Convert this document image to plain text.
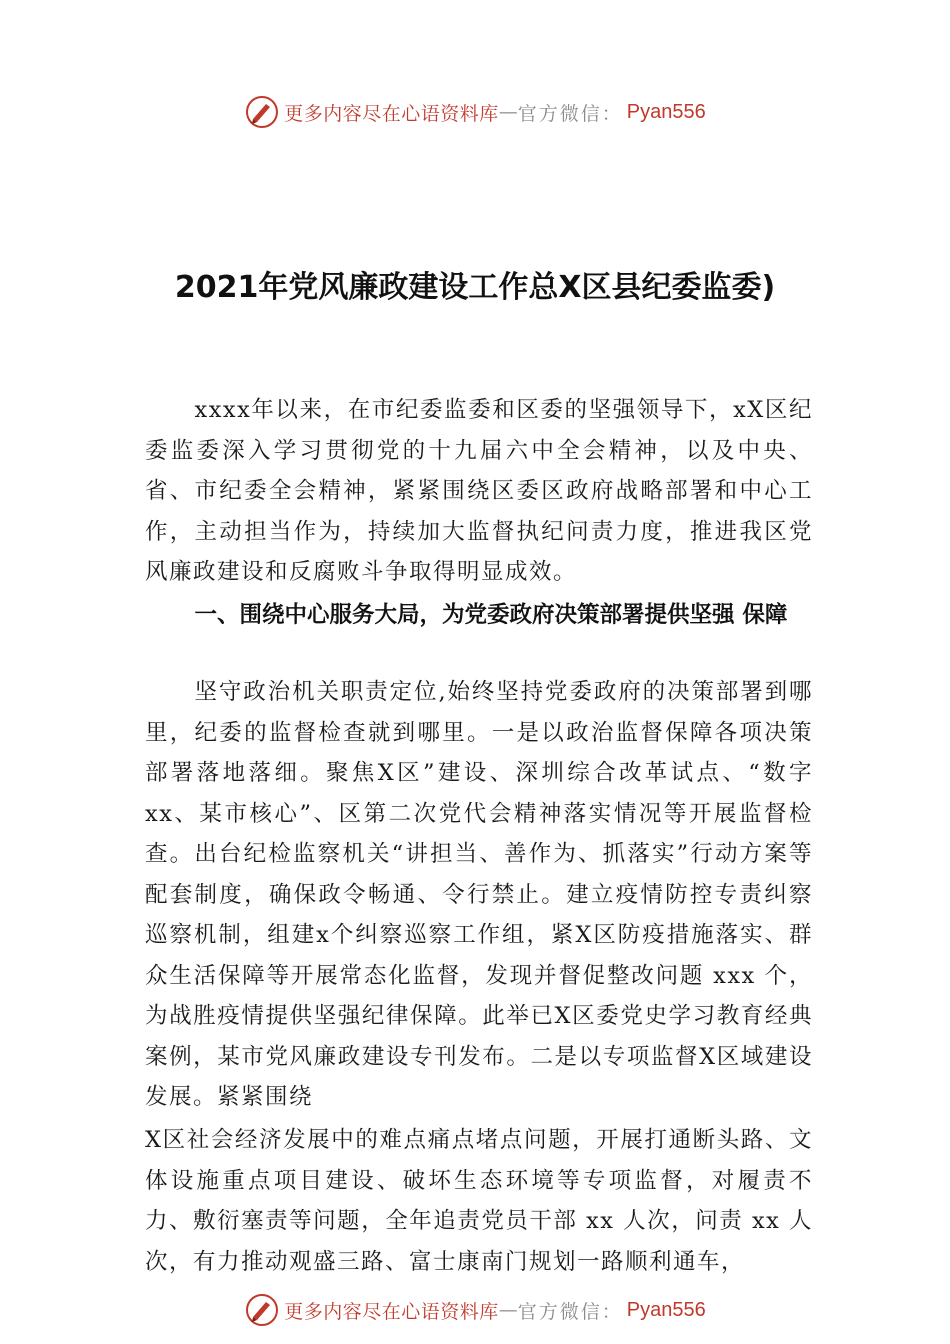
更多内容尽在心语资料库 — 官方微信： Pyan556
2021年党风廉政建设工作总X区县纪委监委)

xxxx年以来，在市纪委监委和区委的坚强领导下，xX区纪委监委深入学习贯彻党的十九届六中全会精神，以及中央、省、市纪委全会精神，紧紧围绕区委区政府战略部署和中心工作，主动担当作为，持续加大监督执纪问责力度，推进我区党风廉政建设和反腐败斗争取得明显成效。

一、围绕中心服务大局，为党委政府决策部署提供坚强 保障

坚守政治机关职责定位,始终坚持党委政府的决策部署到哪里，纪委的监督检查就到哪里。一是以政治监督保障各项决策部署落地落细。聚焦X区”建设、深圳综合改革试点、“数字xx、某市核心”、区第二次党代会精神落实情况等开展监督检查。出台纪检监察机关“讲担当、善作为、抓落实”行动方案等配套制度，确保政令畅通、令行禁止。建立疫情防控专责纠察巡察机制，组建x个纠察巡察工作组，紧X区防疫措施落实、群众生活保障等开展常态化监督，发现并督促整改问题 xxx 个，为战胜疫情提供坚强纪律保障。此举已X区委党史学习教育经典案例，某市党风廉政建设专刊发布。二是以专项监督X区域建设发展。紧紧围绕

X区社会经济发展中的难点痛点堵点问题，开展打通断头路、文体设施重点项目建设、破坏生态环境等专项监督，对履责不力、敷衍塞责等问题，全年追责党员干部 xx 人次，问责 xx 人次，有力推动观盛三路、富士康南门规划一路顺利通车，

更多内容尽在心语资料库 — 官方微信： Pyan556
